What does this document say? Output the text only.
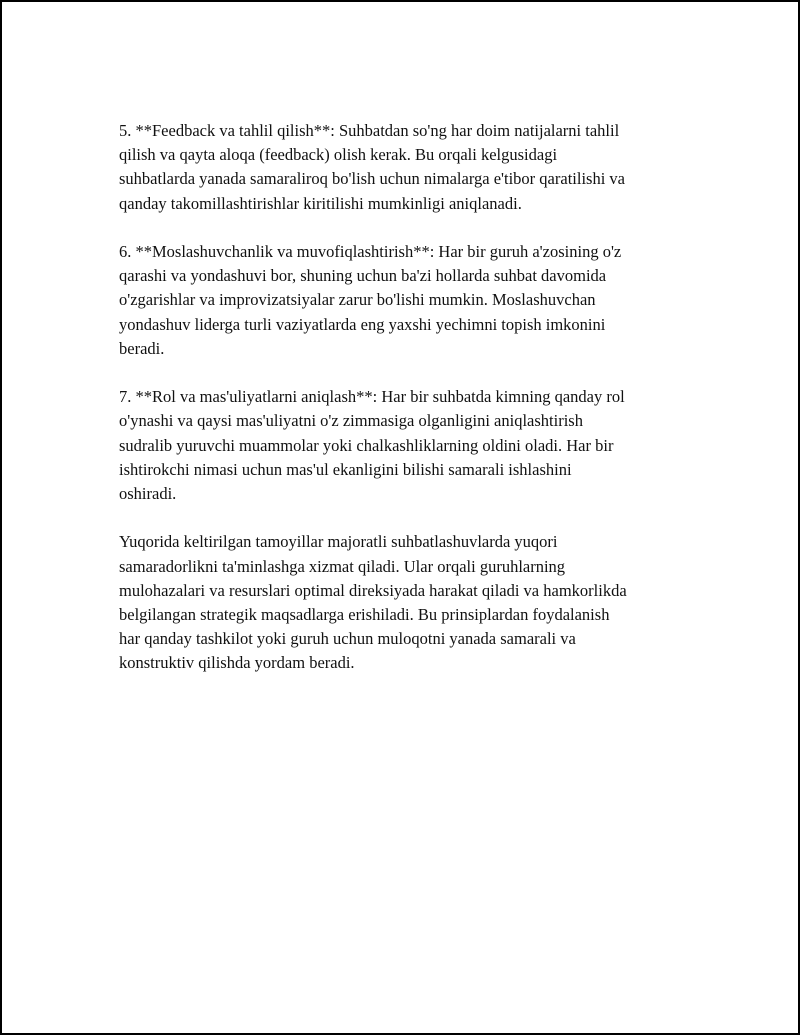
5. **Feedback va tahlil qilish**: Suhbatdan so'ng har doim natijalarni tahlil
qilish va qayta aloqa (feedback) olish kerak. Bu orqali kelgusidagi
suhbatlarda yanada samaraliroq bo'lish uchun nimalarga e'tibor qaratilishi va
qanday takomillashtirishlar kiritilishi mumkinligi aniqlanadi.

6. **Moslashuvchanlik va muvofiqlashtirish**: Har bir guruh a'zosining o'z
qarashi va yondashuvi bor, shuning uchun ba'zi hollarda suhbat davomida
o'zgarishlar va improvizatsiyalar zarur bo'lishi mumkin. Moslashuvchan
yondashuv liderga turli vaziyatlarda eng yaxshi yechimni topish imkonini
beradi.

7. **Rol va mas'uliyatlarni aniqlash**: Har bir suhbatda kimning qanday rol
o'ynashi va qaysi mas'uliyatni o'z zimmasiga olganligini aniqlashtirish
sudralib yuruvchi muammolar yoki chalkashliklarning oldini oladi. Har bir
ishtirokchi nimasi uchun mas'ul ekanligini bilishi samarali ishlashini
oshiradi.

Yuqorida keltirilgan tamoyillar majoratli suhbatlashuvlarda yuqori
samaradorlikni ta'minlashga xizmat qiladi. Ular orqali guruhlarning
mulohazalari va resurslari optimal direksiyada harakat qiladi va hamkorlikda
belgilangan strategik maqsadlarga erishiladi. Bu prinsiplardan foydalanish
har qanday tashkilot yoki guruh uchun muloqotni yanada samarali va
konstruktiv qilishda yordam beradi.
